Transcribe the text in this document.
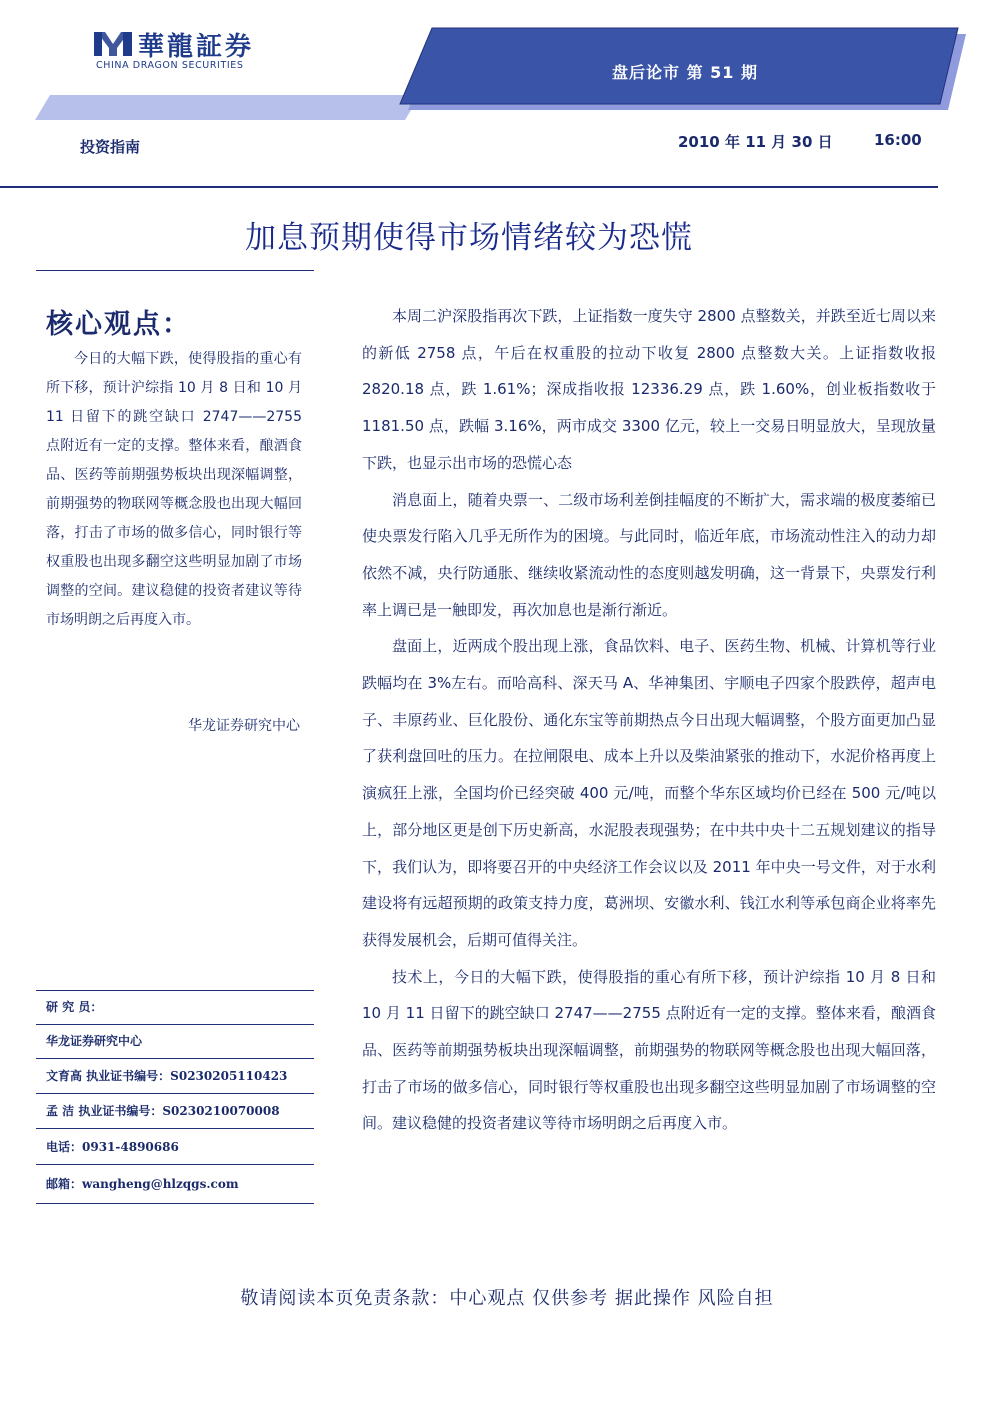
華龍証券
CHINA DRAGON SECURITIES	盘后论市 第 51 期
投资指南	2010 年 11 月 30 日	16:00
加息预期使得市场情绪较为恐慌
核心观点：
今日的大幅下跌，使得股指的重心有所下移，预计沪综指 10 月 8 日和 10 月 11 日留下的跳空缺口 2747——2755 点附近有一定的支撑。整体来看，酿酒食品、医药等前期强势板块出现深幅调整，前期强势的物联网等概念股也出现大幅回落，打击了市场的做多信心，同时银行等权重股也出现多翻空这些明显加剧了市场调整的空间。建议稳健的投资者建议等待市场明朗之后再度入市。
华龙证券研究中心
研 究 员：
华龙证券研究中心
文育高 执业证书编号：S0230205110423
孟 洁 执业证书编号：S0230210070008
电话：0931-4890686
邮箱：wangheng@hlzqgs.com

本周二沪深股指再次下跌，上证指数一度失守 2800 点整数关，并跌至近七周以来的新低 2758 点，午后在权重股的拉动下收复 2800 点整数大关。上证指数收报 2820.18 点，跌 1.61%；深成指收报 12336.29 点，跌 1.60%，创业板指数收于 1181.50 点，跌幅 3.16%，两市成交 3300 亿元，较上一交易日明显放大，呈现放量下跌，也显示出市场的恐慌心态

消息面上，随着央票一、二级市场利差倒挂幅度的不断扩大，需求端的极度萎缩已使央票发行陷入几乎无所作为的困境。与此同时，临近年底，市场流动性注入的动力却依然不减，央行防通胀、继续收紧流动性的态度则越发明确，这一背景下，央票发行利率上调已是一触即发，再次加息也是渐行渐近。

盘面上，近两成个股出现上涨，食品饮料、电子、医药生物、机械、计算机等行业跌幅均在 3%左右。而哈高科、深天马 A、华神集团、宇顺电子四家个股跌停，超声电子、丰原药业、巨化股份、通化东宝等前期热点今日出现大幅调整，个股方面更加凸显了获利盘回吐的压力。在拉闸限电、成本上升以及柴油紧张的推动下，水泥价格再度上演疯狂上涨，全国均价已经突破 400 元/吨，而整个华东区域均价已经在 500 元/吨以上，部分地区更是创下历史新高，水泥股表现强势；在中共中央十二五规划建议的指导下，我们认为，即将要召开的中央经济工作会议以及 2011 年中央一号文件，对于水利建设将有远超预期的政策支持力度，葛洲坝、安徽水利、钱江水利等承包商企业将率先获得发展机会，后期可值得关注。

技术上，今日的大幅下跌，使得股指的重心有所下移，预计沪综指 10 月 8 日和 10 月 11 日留下的跳空缺口 2747——2755 点附近有一定的支撑。整体来看，酿酒食品、医药等前期强势板块出现深幅调整，前期强势的物联网等概念股也出现大幅回落，打击了市场的做多信心，同时银行等权重股也出现多翻空这些明显加剧了市场调整的空间。建议稳健的投资者建议等待市场明朗之后再度入市。

敬请阅读本页免责条款：中心观点 仅供参考 据此操作 风险自担
